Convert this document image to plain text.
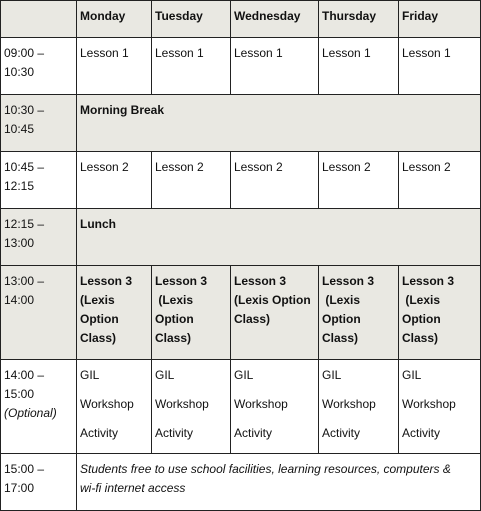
	Monday	Tuesday	Wednesday	Thursday	Friday

09:00 –
10:30	Lesson 1	Lesson 1	Lesson 1	Lesson 1	Lesson 1

10:30 –
10:45	Morning Break				

10:45 –
12:15	Lesson 2	Lesson 2	Lesson 2	Lesson 2	Lesson 2

12:15 –
13:00	Lunch				

13:00 –
14:00	Lesson 3
(Lexis
Option
Class)	Lesson 3
(Lexis
Option
Class)	Lesson 3
(Lexis Option
Class)	Lesson 3
(Lexis
Option
Class)	Lesson 3
(Lexis
Option
Class)

14:00 –
15:00
(Optional)	GIL
Workshop
Activity	GIL
Workshop
Activity	GIL
Workshop
Activity	GIL
Workshop
Activity	GIL
Workshop
Activity

15:00 –
17:00	Students free to use school facilities, learning resources, computers &
wi-fi internet access				
